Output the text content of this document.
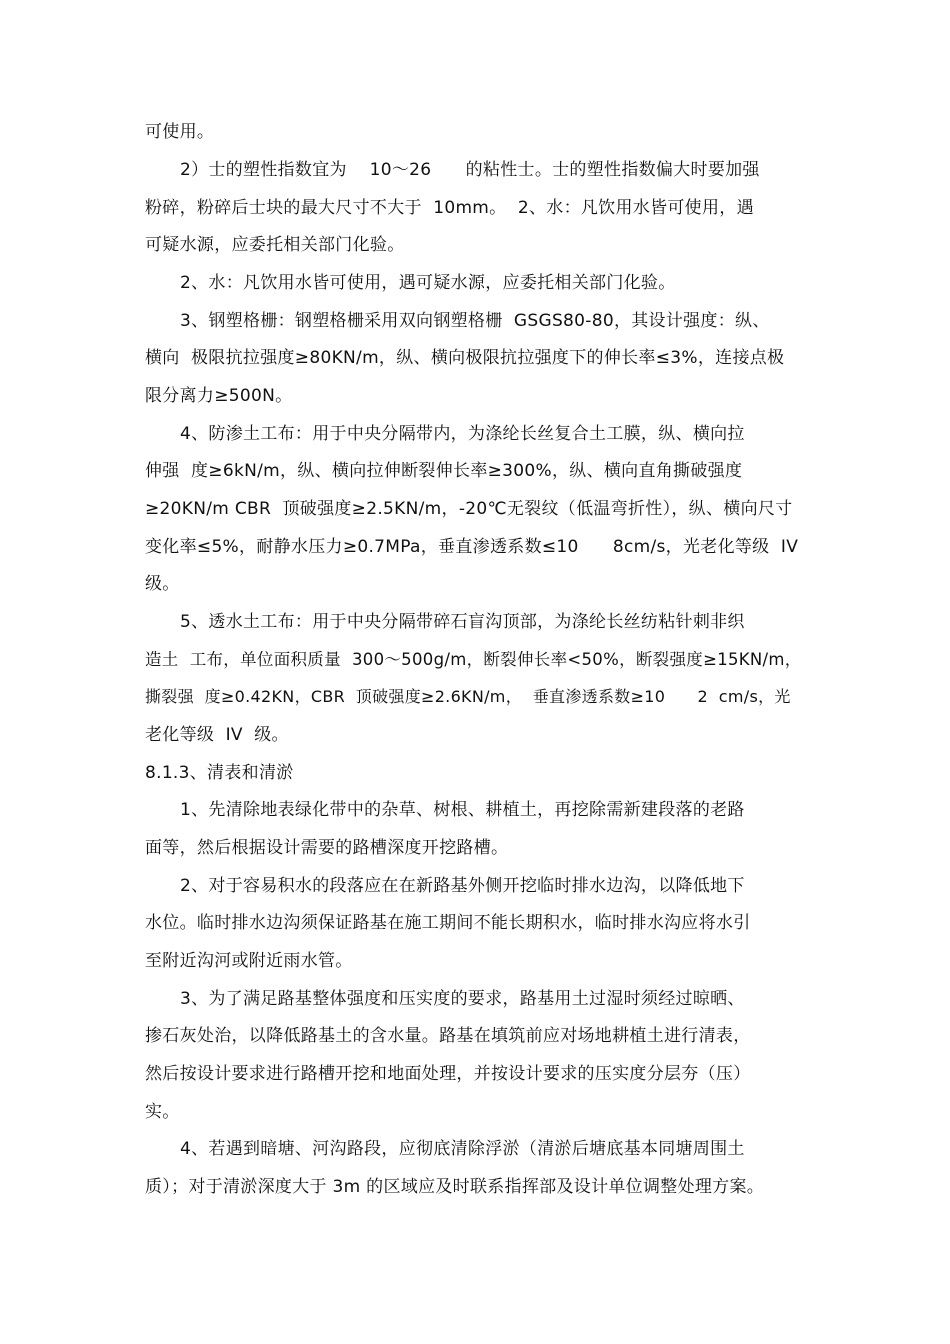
可使用。
2）士的塑性指数宜为    10～26      的粘性士。士的塑性指数偏大时要加强
粉碎，粉碎后士块的最大尺寸不大于  10mm。  2、水：凡饮用水皆可使用，遇
可疑水源，应委托相关部门化验。
2、水：凡饮用水皆可使用，遇可疑水源，应委托相关部门化验。
3、钢塑格栅：钢塑格栅采用双向钢塑格栅  GSGS80-80，其设计强度：纵、
横向  极限抗拉强度≥80KN/m，纵、横向极限抗拉强度下的伸长率≤3%，连接点极
限分离力≥500N。
4、防渗土工布：用于中央分隔带内，为涤纶长丝复合土工膜，纵、横向拉
伸强  度≥6kN/m，纵、横向拉伸断裂伸长率≥300%，纵、横向直角撕破强度
≥20KN/m CBR  顶破强度≥2.5KN/m，-20℃无裂纹（低温弯折性），纵、横向尺寸
变化率≤5%，耐静水压力≥0.7MPa，垂直渗透系数≤10      8cm/s，光老化等级  IV
级。
5、透水土工布：用于中央分隔带碎石盲沟顶部，为涤纶长丝纺粘针刺非织
造土  工布，单位面积质量  300～500g/m，断裂伸长率<50%，断裂强度≥15KN/m，
撕裂强  度≥0.42KN，CBR  顶破强度≥2.6KN/m，  垂直渗透系数≥10      2  cm/s，光
老化等级  IV  级。
8.1.3、清表和清淤
1、先清除地表绿化带中的杂草、树根、耕植土，再挖除需新建段落的老路
面等，然后根据设计需要的路槽深度开挖路槽。
2、对于容易积水的段落应在在新路基外侧开挖临时排水边沟，以降低地下
水位。临时排水边沟须保证路基在施工期间不能长期积水，临时排水沟应将水引
至附近沟河或附近雨水管。
3、为了满足路基整体强度和压实度的要求，路基用土过湿时须经过晾晒、
掺石灰处治，以降低路基土的含水量。路基在填筑前应对场地耕植土进行清表，
然后按设计要求进行路槽开挖和地面处理，并按设计要求的压实度分层夯（压）
实。
4、若遇到暗塘、河沟路段，应彻底清除浮淤（清淤后塘底基本同塘周围土
质）；对于清淤深度大于 3m 的区域应及时联系指挥部及设计单位调整处理方案。
